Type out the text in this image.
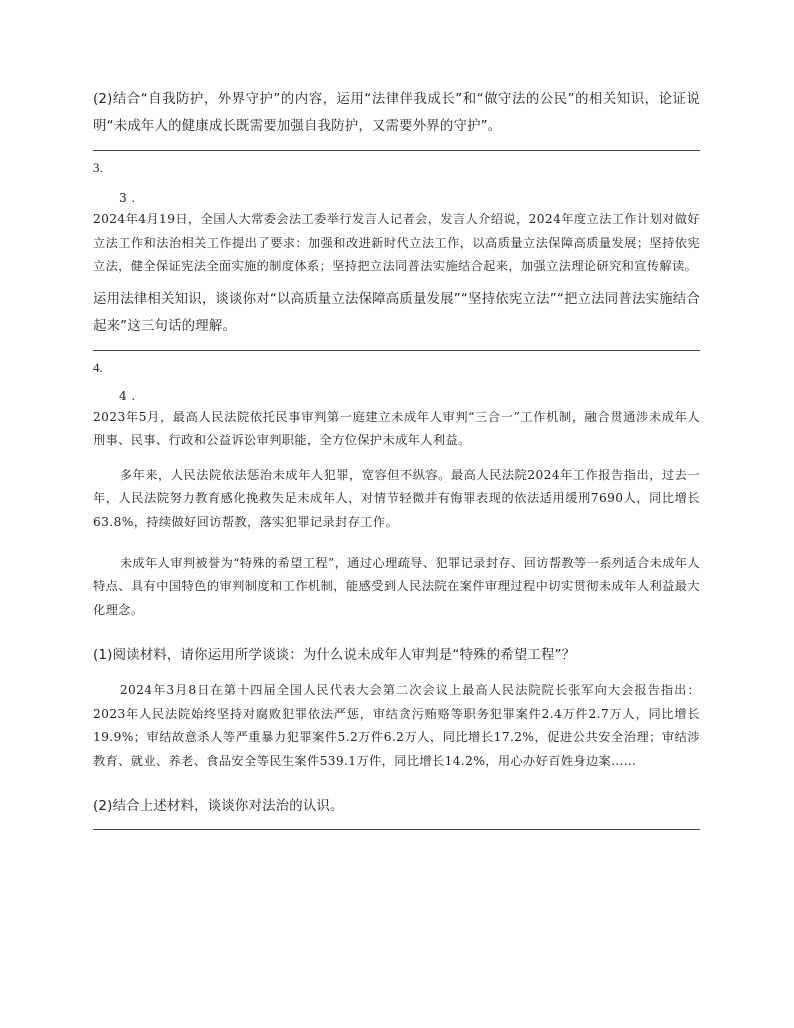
(2)结合“自我防护，外界守护”的内容，运用“法律伴我成长”和“做守法的公民”的相关知识，论证说明“未成年人的健康成长既需要加强自我防护，又需要外界的守护”。

3.

3 .

2024年4月19日，全国人大常委会法工委举行发言人记者会，发言人介绍说，2024年度立法工作计划对做好立法工作和法治相关工作提出了要求：加强和改进新时代立法工作，以高质量立法保障高质量发展；坚持依宪立法，健全保证宪法全面实施的制度体系；坚持把立法同普法实施结合起来，加强立法理论研究和宣传解读。

运用法律相关知识，谈谈你对“以高质量立法保障高质量发展”“坚持依宪立法”“把立法同普法实施结合起来”这三句话的理解。

4.

4 .

2023年5月，最高人民法院依托民事审判第一庭建立未成年人审判“三合一”工作机制，融合贯通涉未成年人刑事、民事、行政和公益诉讼审判职能，全方位保护未成年人利益。

多年来，人民法院依法惩治未成年人犯罪，宽容但不纵容。最高人民法院2024年工作报告指出，过去一年，人民法院努力教育感化挽救失足未成年人，对情节轻微并有悔罪表现的依法适用缓刑7690人，同比增长63.8%，持续做好回访帮教，落实犯罪记录封存工作。

未成年人审判被誉为“特殊的希望工程”，通过心理疏导、犯罪记录封存、回访帮教等一系列适合未成年人特点、具有中国特色的审判制度和工作机制，能感受到人民法院在案件审理过程中切实贯彻未成年人利益最大化理念。

(1)阅读材料，请你运用所学谈谈：为什么说未成年人审判是“特殊的希望工程”？

2024年3月8日在第十四届全国人民代表大会第二次会议上最高人民法院院长张军向大会报告指出：2023年人民法院始终坚持对腐败犯罪依法严惩，审结贪污贿赂等职务犯罪案件2.4万件2.7万人，同比增长19.9%；审结故意杀人等严重暴力犯罪案件5.2万件6.2万人，同比增长17.2%，促进公共安全治理；审结涉教育、就业、养老、食品安全等民生案件539.1万件，同比增长14.2%，用心办好百姓身边案……

(2)结合上述材料，谈谈你对法治的认识。
